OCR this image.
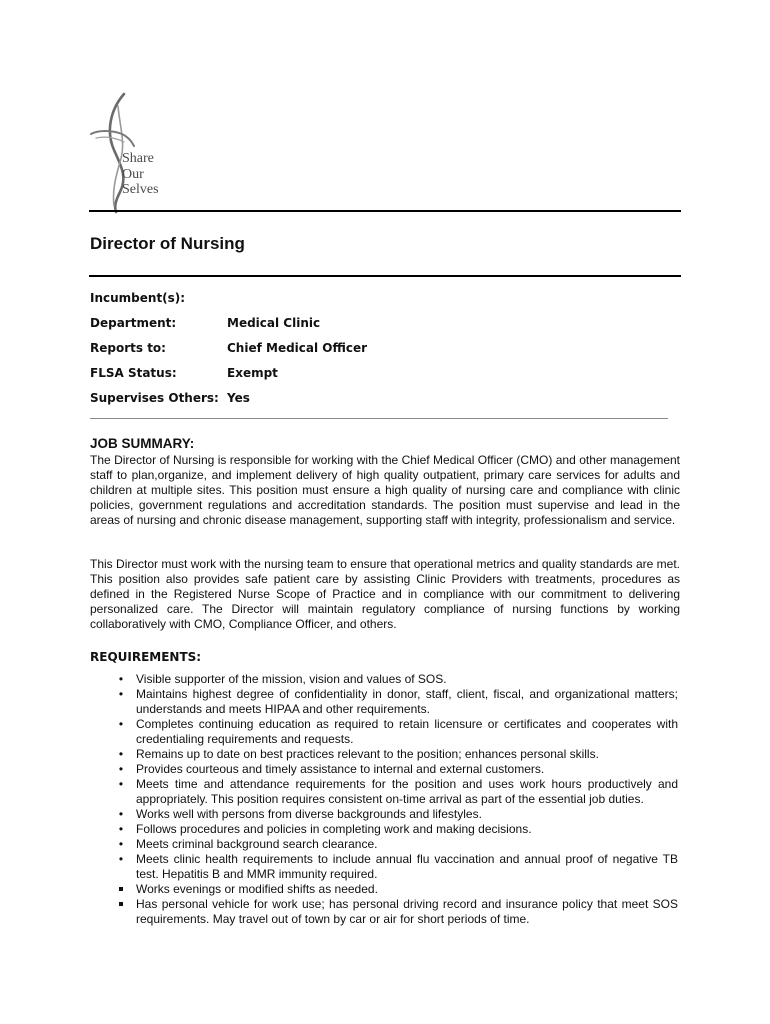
Share
Our
Selves
Director of Nursing
Incumbent(s):
Department:	Medical Clinic
Reports to:	Chief Medical Officer
FLSA Status:	Exempt
Supervises Others: Yes
JOB SUMMARY:

The Director of Nursing is responsible for working with the Chief Medical Officer (CMO) and other management staff to plan,organize, and implement delivery of high quality outpatient, primary care services for adults and children at multiple sites. This position must ensure a high quality of nursing care and compliance with clinic policies, government regulations and accreditation standards. The position must supervise and lead in the areas of nursing and chronic disease management, supporting staff with integrity, professionalism and service.

This Director must work with the nursing team to ensure that operational metrics and quality standards are met. This position also provides safe patient care by assisting Clinic Providers with treatments, procedures as defined in the Registered Nurse Scope of Practice and in compliance with our commitment to delivering personalized care. The Director will maintain regulatory compliance of nursing functions by working collaboratively with CMO, Compliance Officer, and others.

REQUIREMENTS:
•
Visible supporter of the mission, vision and values of SOS.
•
Maintains highest degree of confidentiality in donor, staff, client, fiscal, and organizational matters; understands and meets HIPAA and other requirements.
•
Completes continuing education as required to retain licensure or certificates and cooperates with credentialing requirements and requests.
•
Remains up to date on best practices relevant to the position; enhances personal skills.
•
Provides courteous and timely assistance to internal and external customers.
•
Meets time and attendance requirements for the position and uses work hours productively and appropriately. This position requires consistent on-time arrival as part of the essential job duties.
•
Works well with persons from diverse backgrounds and lifestyles.
•
Follows procedures and policies in completing work and making decisions.
•
Meets criminal background search clearance.
•
Meets clinic health requirements to include annual flu vaccination and annual proof of negative TB test. Hepatitis B and MMR immunity required.
Works evenings or modified shifts as needed.
Has personal vehicle for work use; has personal driving record and insurance policy that meet SOS requirements. May travel out of town by car or air for short periods of time.
